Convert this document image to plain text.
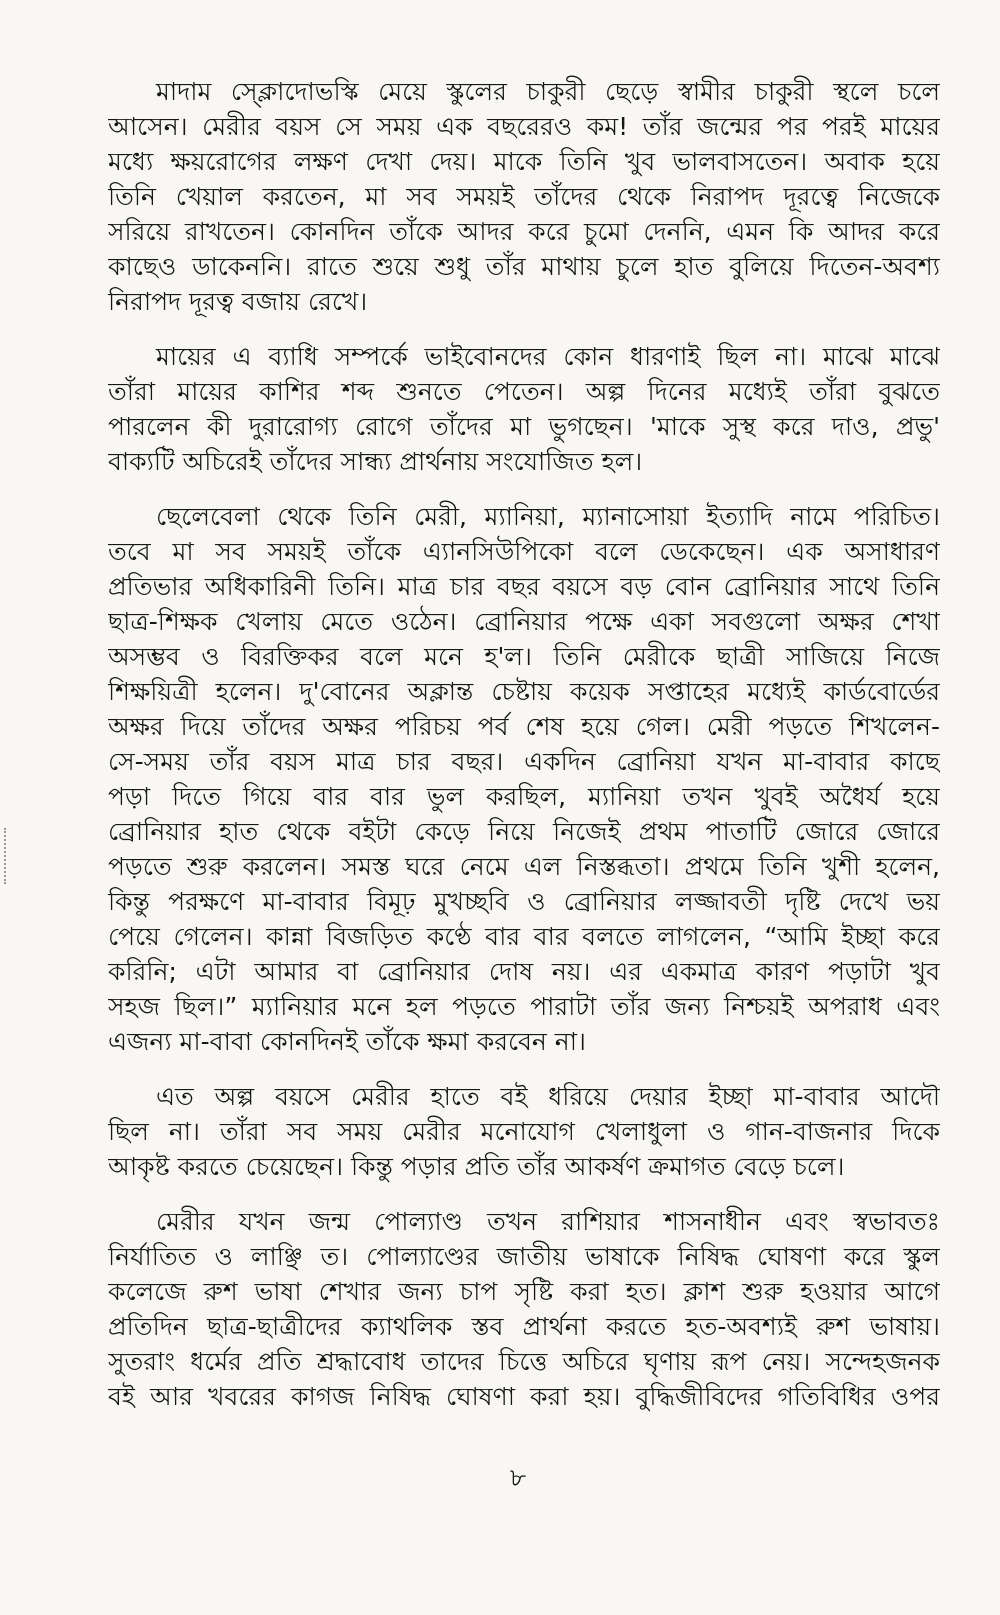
মাদাম স্ক্লোদোভস্কি মেয়ে স্কুলের চাকুরী ছেড়ে স্বামীর চাকুরী স্থলে চলে
আসেন। মেরীর বয়স সে সময় এক বছরেরও কম! তাঁর জন্মের পর পরই মায়ের
মধ্যে ক্ষয়রোগের লক্ষণ দেখা দেয়। মাকে তিনি খুব ভালবাসতেন। অবাক হয়ে
তিনি খেয়াল করতেন, মা সব সময়ই তাঁদের থেকে নিরাপদ দূরত্বে নিজেকে
সরিয়ে রাখতেন। কোনদিন তাঁকে আদর করে চুমো দেননি, এমন কি আদর করে
কাছেও ডাকেননি। রাতে শুয়ে শুধু তাঁর মাথায় চুলে হাত বুলিয়ে দিতেন-অবশ্য
নিরাপদ দূরত্ব বজায় রেখে।
মায়ের এ ব্যাধি সম্পর্কে ভাইবোনদের কোন ধারণাই ছিল না। মাঝে মাঝে
তাঁরা মায়ের কাশির শব্দ শুনতে পেতেন। অল্প দিনের মধ্যেই তাঁরা বুঝতে
পারলেন কী দুরারোগ্য রোগে তাঁদের মা ভুগছেন। 'মাকে সুস্থ করে দাও, প্রভু'
বাক্যটি অচিরেই তাঁদের সান্ধ্য প্রার্থনায় সংযোজিত হল।
ছেলেবেলা থেকে তিনি মেরী, ম্যানিয়া, ম্যানাসোয়া ইত্যাদি নামে পরিচিত।
তবে মা সব সময়ই তাঁকে এ্যানসিউপিকো বলে ডেকেছেন। এক অসাধারণ
প্রতিভার অধিকারিনী তিনি। মাত্র চার বছর বয়সে বড় বোন ব্রোনিয়ার সাথে তিনি
ছাত্র-শিক্ষক খেলায় মেতে ওঠেন। ব্রোনিয়ার পক্ষে একা সবগুলো অক্ষর শেখা
অসম্ভব ও বিরক্তিকর বলে মনে হ'ল। তিনি মেরীকে ছাত্রী সাজিয়ে নিজে
শিক্ষয়িত্রী হলেন। দু'বোনের অক্লান্ত চেষ্টায় কয়েক সপ্তাহের মধ্যেই কার্ডবোর্ডের
অক্ষর দিয়ে তাঁদের অক্ষর পরিচয় পর্ব শেষ হয়ে গেল। মেরী পড়তে শিখলেন-
সে-সময় তাঁর বয়স মাত্র চার বছর। একদিন ব্রোনিয়া যখন মা-বাবার কাছে
পড়া দিতে গিয়ে বার বার ভুল করছিল, ম্যানিয়া তখন খুবই অধৈর্য হয়ে
ব্রোনিয়ার হাত থেকে বইটা কেড়ে নিয়ে নিজেই প্রথম পাতাটি জোরে জোরে
পড়তে শুরু করলেন। সমস্ত ঘরে নেমে এল নিস্তব্ধতা। প্রথমে তিনি খুশী হলেন,
কিন্তু পরক্ষণে মা-বাবার বিমূঢ় মুখচ্ছবি ও ব্রোনিয়ার লজ্জাবতী দৃষ্টি দেখে ভয়
পেয়ে গেলেন। কান্না বিজড়িত কণ্ঠে বার বার বলতে লাগলেন, “আমি ইচ্ছা করে
করিনি; এটা আমার বা ব্রোনিয়ার দোষ নয়। এর একমাত্র কারণ পড়াটা খুব
সহজ ছিল।” ম্যানিয়ার মনে হল পড়তে পারাটা তাঁর জন্য নিশ্চয়ই অপরাধ এবং
এজন্য মা-বাবা কোনদিনই তাঁকে ক্ষমা করবেন না।
এত অল্প বয়সে মেরীর হাতে বই ধরিয়ে দেয়ার ইচ্ছা মা-বাবার আদৌ
ছিল না। তাঁরা সব সময় মেরীর মনোযোগ খেলাধুলা ও গান-বাজনার দিকে
আকৃষ্ট করতে চেয়েছেন। কিন্তু পড়ার প্রতি তাঁর আকর্ষণ ক্রমাগত বেড়ে চলে।
মেরীর যখন জন্ম পোল্যাণ্ড তখন রাশিয়ার শাসনাধীন এবং স্বভাবতঃ
নির্যাতিত ও লাঞ্ছি ত। পোল্যাণ্ডের জাতীয় ভাষাকে নিষিদ্ধ ঘোষণা করে স্কুল
কলেজে রুশ ভাষা শেখার জন্য চাপ সৃষ্টি করা হত। ক্লাশ শুরু হওয়ার আগে
প্রতিদিন ছাত্র-ছাত্রীদের ক্যাথলিক স্তব প্রার্থনা করতে হত-অবশ্যই রুশ ভাষায়।
সুতরাং ধর্মের প্রতি শ্রদ্ধাবোধ তাদের চিত্তে অচিরে ঘৃণায় রূপ নেয়। সন্দেহজনক
বই আর খবরের কাগজ নিষিদ্ধ ঘোষণা করা হয়। বুদ্ধিজীবিদের গতিবিধির ওপর
৮
